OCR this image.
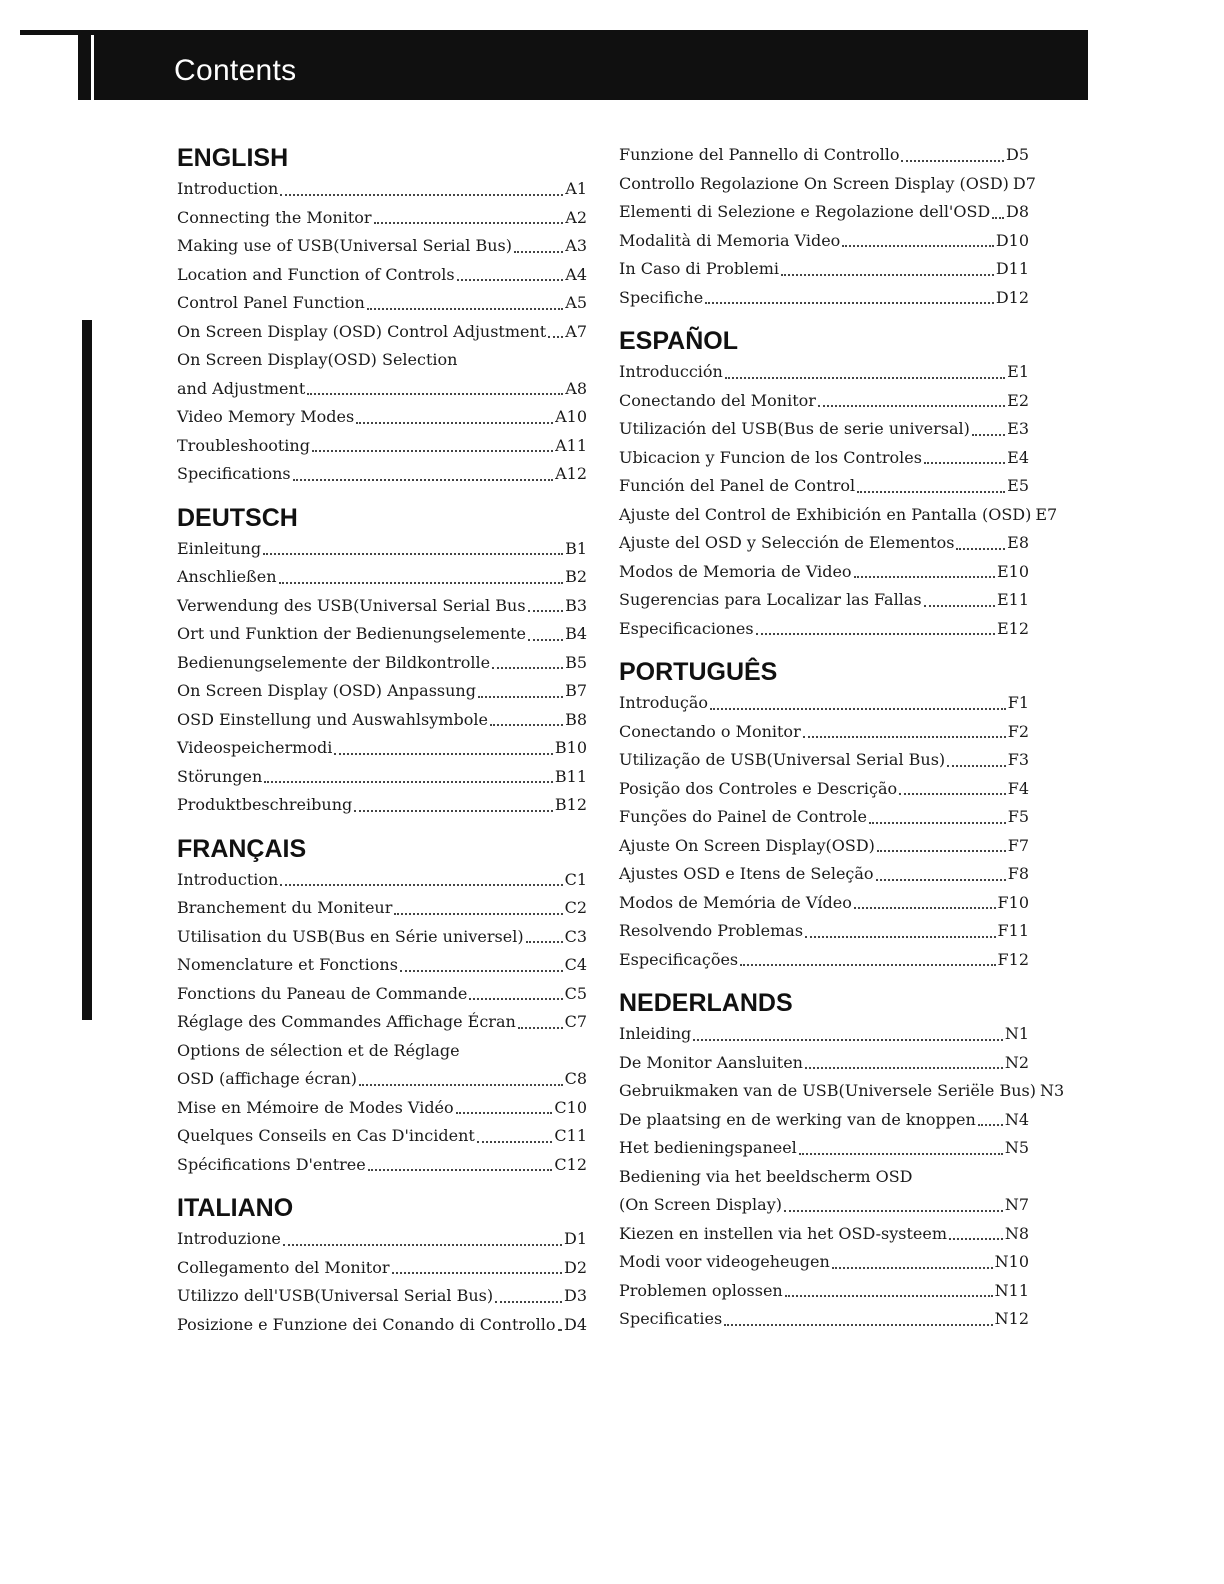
Contents
ENGLISH
Introduction	A1
Connecting the Monitor	A2
Making use of USB(Universal Serial Bus)	A3
Location and Function of Controls	A4
Control Panel Function	A5
On Screen Display (OSD) Control Adjustment A7
On Screen Display(OSD) Selection
and Adjustment	A8
Video Memory Modes	A10
Troubleshooting	A11
Specifications	A12
DEUTSCH
Einleitung	B1
Anschließen	B2
Verwendung des USB(Universal Serial Bus B3
Ort und Funktion der Bedienungselemente B4
Bedienungselemente der Bildkontrolle	B5
On Screen Display (OSD) Anpassung	B7
OSD Einstellung und Auswahlsymbole	B8
Videospeichermodi	B10
Störungen	B11
Produktbeschreibung	B12
FRANÇAIS
Introduction	C1
Branchement du Moniteur	C2
Utilisation du USB(Bus en Série universel)	C3
Nomenclature et Fonctions	C4
Fonctions du Paneau de Commande	C5
Réglage des Commandes Affichage Écran	C7
Options de sélection et de Réglage
OSD (affichage écran)	C8
Mise en Mémoire de Modes Vidéo	C10
Quelques Conseils en Cas D'incident	C11
Spécifications D'entree	C12
ITALIANO
Introduzione	D1
Collegamento del Monitor	D2
Utilizzo dell'USB(Universal Serial Bus)	D3
Posizione e Funzione dei Conando di Controllo D4
Funzione del Pannello di Controllo	D5
Controllo Regolazione On Screen Display (OSD) D7
Elementi di Selezione e Regolazione dell'OSD D8
Modalità di Memoria Video	D10
In Caso di Problemi	D11
Specifiche	D12
ESPAÑOL
Introducción	E1
Conectando del Monitor	E2
Utilización del USB(Bus de serie universal) E3
Ubicacion y Funcion de los Controles	E4
Función del Panel de Control	E5
Ajuste del Control de Exhibición en Pantalla (OSD) E7
Ajuste del OSD y Selección de Elementos	E8
Modos de Memoria de Video	E10
Sugerencias para Localizar las Fallas	E11
Especificaciones	E12
PORTUGUÊS
Introdução	F1
Conectando o Monitor	F2
Utilização de USB(Universal Serial Bus)	F3
Posição dos Controles e Descrição	F4
Funções do Painel de Controle	F5
Ajuste On Screen Display(OSD)	F7
Ajustes OSD e Itens de Seleção	F8
Modos de Memória de Vídeo	F10
Resolvendo Problemas	F11
Especificações	F12
NEDERLANDS
Inleiding	N1
De Monitor Aansluiten	N2
Gebruikmaken van de USB(Universele Seriële Bus) N3
De plaatsing en de werking van de knoppen N4
Het bedieningspaneel	N5
Bediening via het beeldscherm OSD
(On Screen Display)	N7
Kiezen en instellen via het OSD-systeem	N8
Modi voor videogeheugen	N10
Problemen oplossen	N11
Specificaties	N12
